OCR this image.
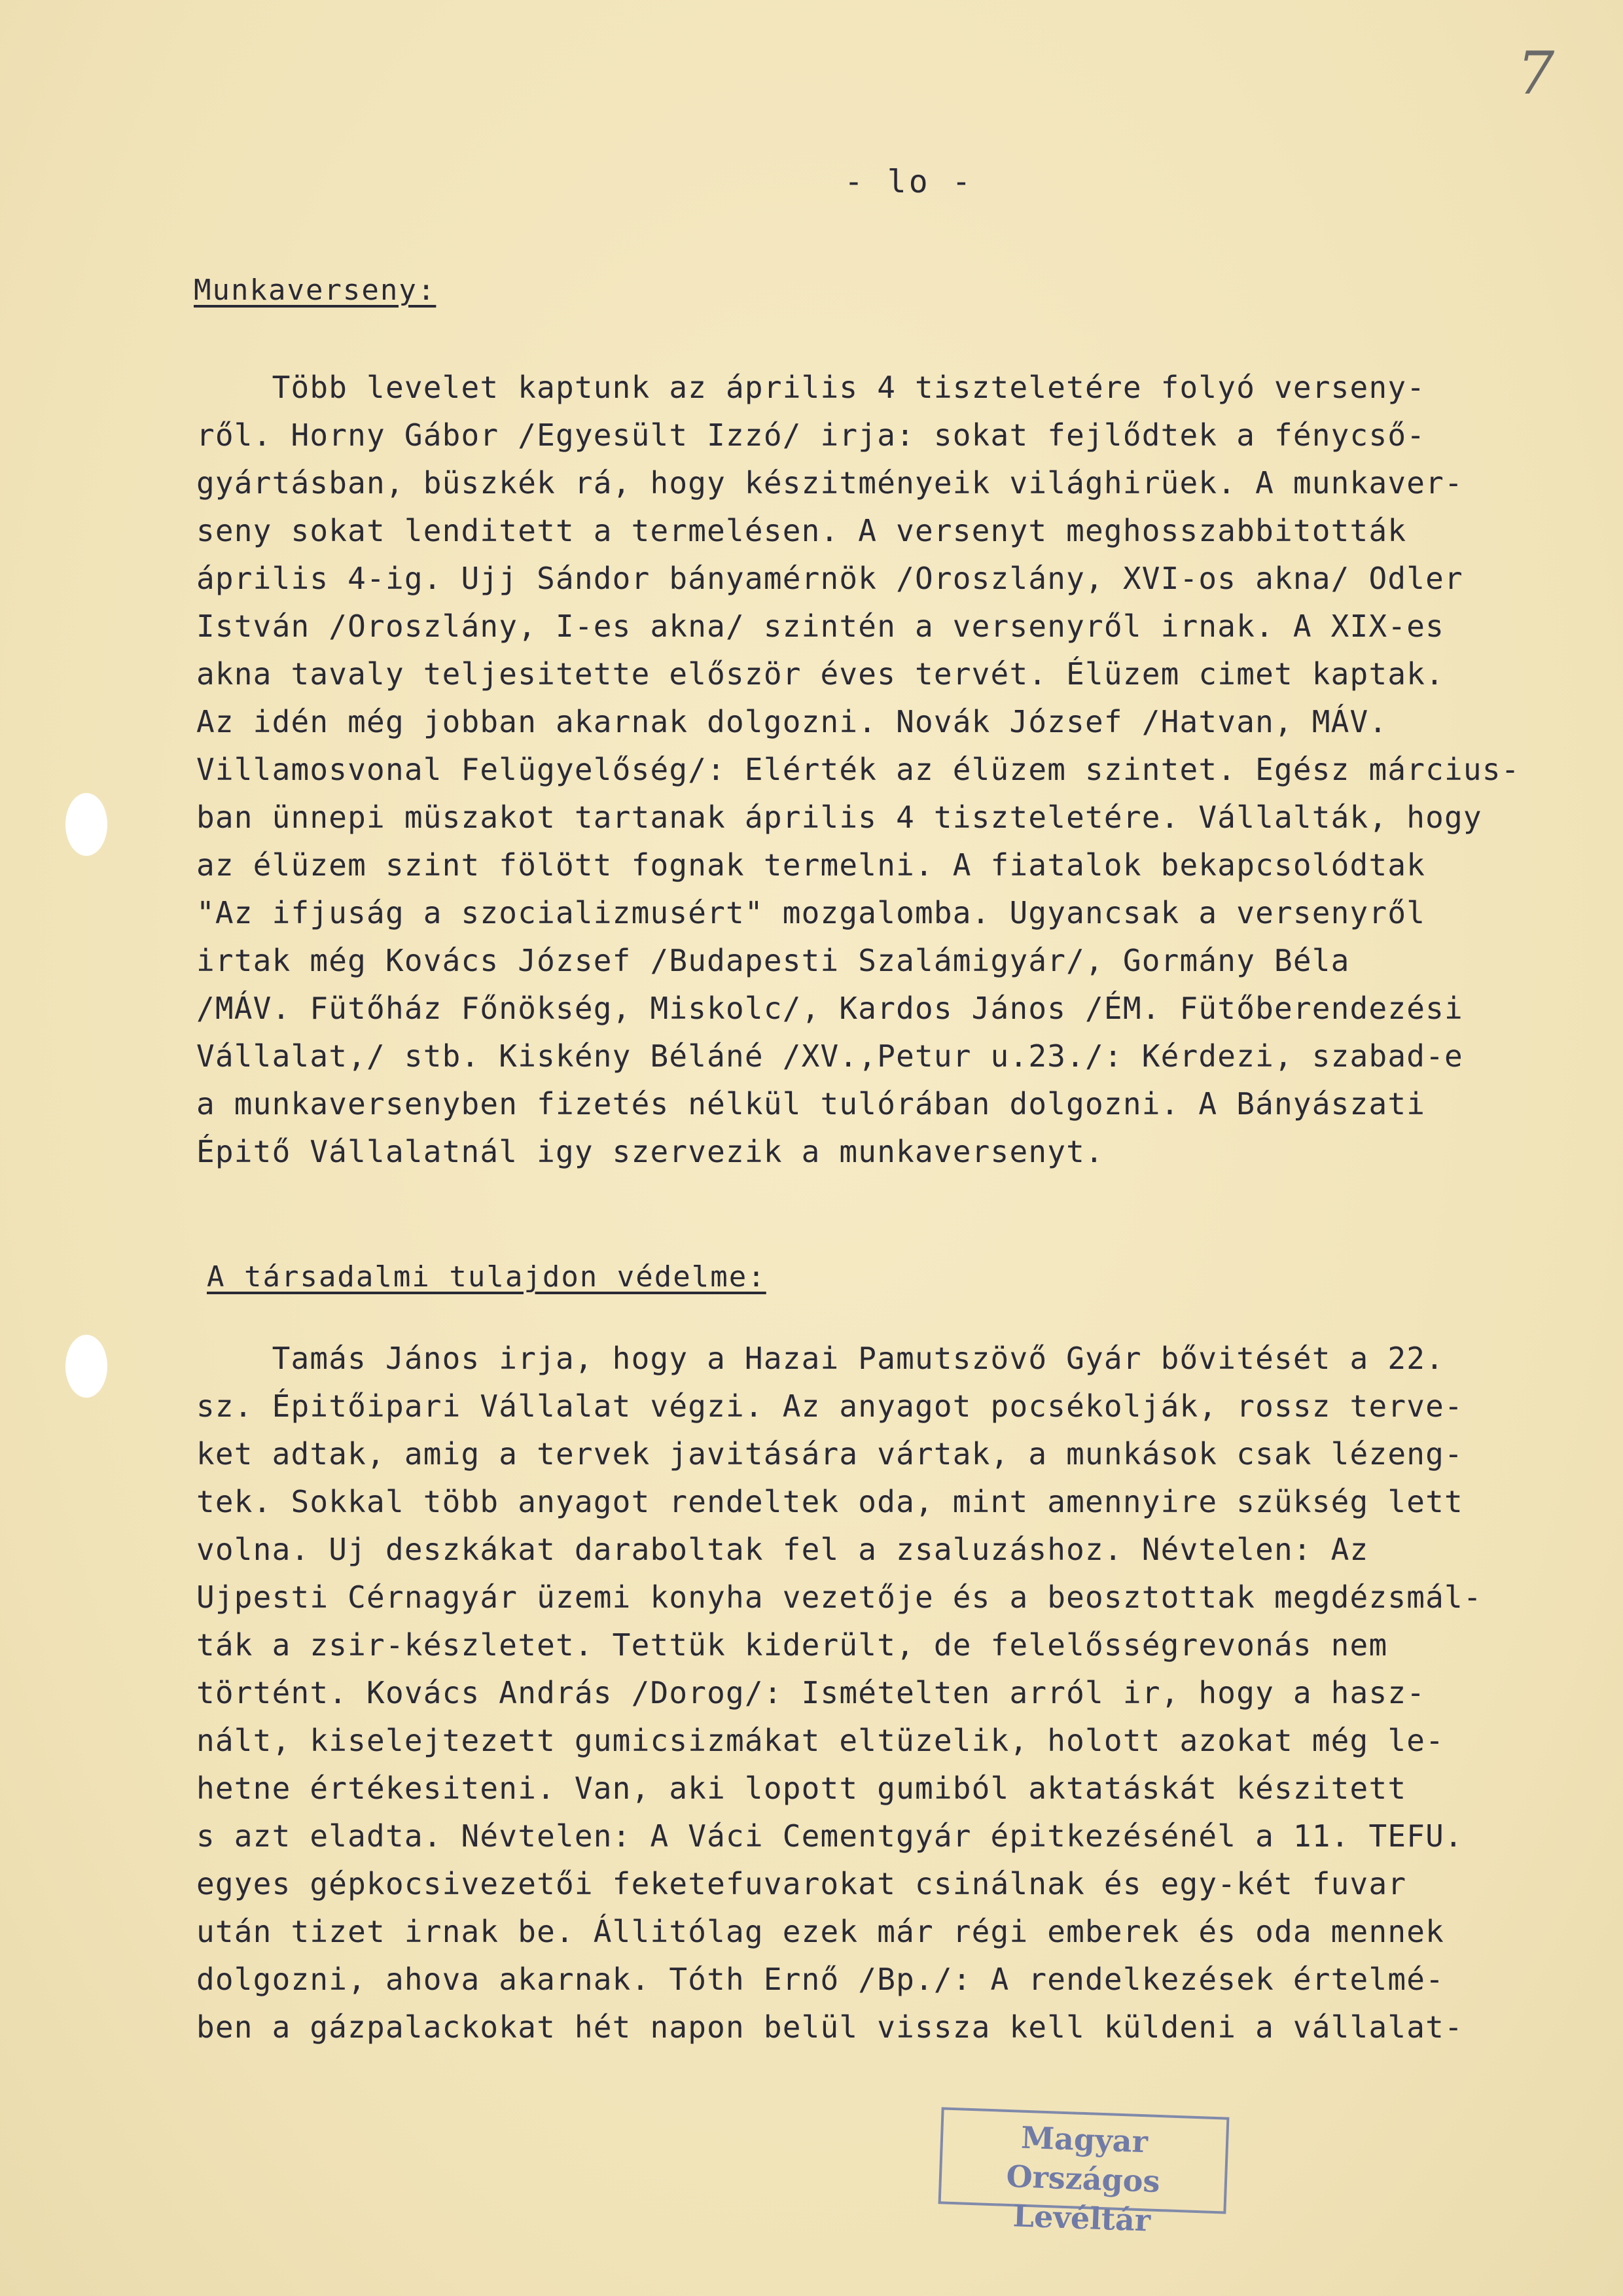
7
- lo -
Munkaverseny:
Több levelet kaptunk az április 4 tiszteletére folyó verseny-
ről. Horny Gábor /Egyesült Izzó/ irja: sokat fejlődtek a fénycső-
gyártásban, büszkék rá, hogy készitményeik világhirüek. A munkaver-
seny sokat lenditett a termelésen. A versenyt meghosszabbitották
április 4-ig. Ujj Sándor bányamérnök /Oroszlány, XVI-os akna/ Odler
István /Oroszlány, I-es akna/ szintén a versenyről irnak. A XIX-es
akna tavaly teljesitette először éves tervét. Élüzem cimet kaptak.
Az idén még jobban akarnak dolgozni. Novák József /Hatvan, MÁV.
Villamosvonal Felügyelőség/: Elérték az élüzem szintet. Egész március-
ban ünnepi müszakot tartanak április 4 tiszteletére. Vállalták, hogy
az élüzem szint fölött fognak termelni. A fiatalok bekapcsolódtak
"Az ifjuság a szocializmusért" mozgalomba. Ugyancsak a versenyről
irtak még Kovács József /Budapesti Szalámigyár/, Gormány Béla
/MÁV. Fütőház Főnökség, Miskolc/, Kardos János /ÉM. Fütőberendezési
Vállalat,/ stb. Kiskény Béláné /XV.,Petur u.23./: Kérdezi, szabad-e
a munkaversenyben fizetés nélkül tulórában dolgozni. A Bányászati
Épitő Vállalatnál igy szervezik a munkaversenyt.
A társadalmi tulajdon védelme:
Tamás János irja, hogy a Hazai Pamutszövő Gyár bővitését a 22.
sz. Épitőipari Vállalat végzi. Az anyagot pocsékolják, rossz terve-
ket adtak, amig a tervek javitására vártak, a munkások csak lézeng-
tek. Sokkal több anyagot rendeltek oda, mint amennyire szükség lett
volna. Uj deszkákat daraboltak fel a zsaluzáshoz. Névtelen: Az
Ujpesti Cérnagyár üzemi konyha vezetője és a beosztottak megdézsmál-
ták a zsir-készletet. Tettük kiderült, de felelősségrevonás nem
történt. Kovács András /Dorog/: Ismételten arról ir, hogy a hasz-
nált, kiselejtezett gumicsizmákat eltüzelik, holott azokat még le-
hetne értékesiteni. Van, aki lopott gumiból aktatáskát készitett
s azt eladta. Névtelen: A Váci Cementgyár épitkezésénél a 11. TEFU.
egyes gépkocsivezetői feketefuvarokat csinálnak és egy-két fuvar
után tizet irnak be. Állitólag ezek már régi emberek és oda mennek
dolgozni, ahova akarnak. Tóth Ernő /Bp./: A rendelkezések értelmé-
ben a gázpalackokat hét napon belül vissza kell küldeni a vállalat-
Magyar Országos
Levéltár
